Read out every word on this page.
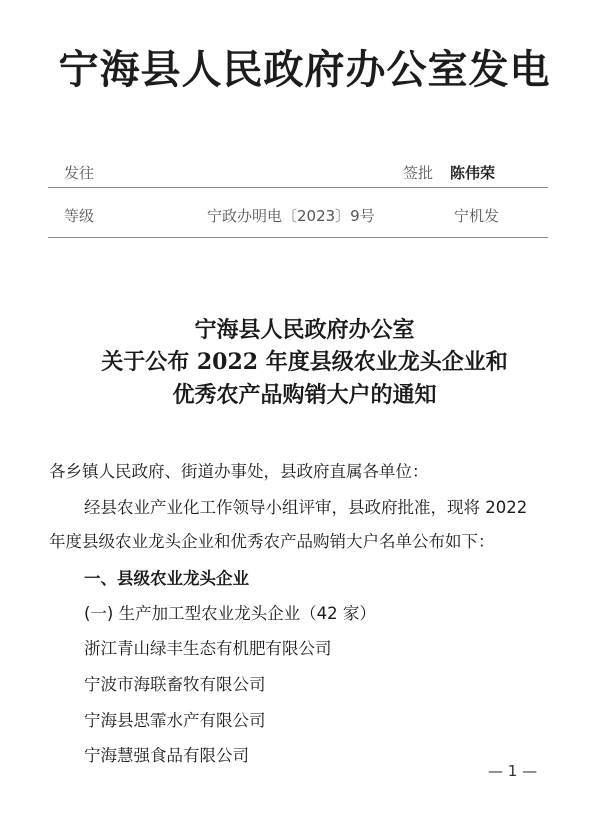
宁海县人民政府办公室发电
发往	签批 陈伟荣
等级	宁政办明电〔2023〕9号	宁机发
宁海县人民政府办公室
关于公布 2022 年度县级农业龙头企业和
优秀农产品购销大户的通知
各乡镇人民政府、街道办事处，县政府直属各单位：
经县农业产业化工作领导小组评审，县政府批准，现将 2022
年度县级农业龙头企业和优秀农产品购销大户名单公布如下：
一、县级农业龙头企业
(一) 生产加工型农业龙头企业（42 家）
浙江青山绿丰生态有机肥有限公司
宁波市海联畜牧有限公司
宁海县思霏水产有限公司
宁海慧强食品有限公司
— 1 —
